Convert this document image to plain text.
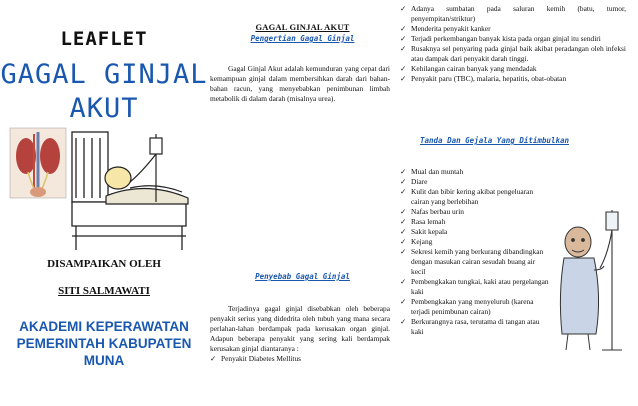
LEAFLET
GAGAL GINJAL
AKUT
DISAMPAIKAN OLEH
SITI SALMAWATI
AKADEMI KEPERAWATAN
PEMERINTAH KABUPATEN
MUNA
GAGAL GINJAL AKUT
Pengertian Gagal Ginjal
Gagal Ginjal Akut adalah kemunduran yang cepat dari kemampuan ginjal dalam membersihkan darah dari bahan-bahan racun, yang menyebabkan penimbunan limbah metabolik di dalam darah (misalnya urea).
Penyebab Gagal Ginjal
Terjadinya gagal ginjal disebabkan oleh beberapa penyakit serius yang didedrita oleh tubuh yang mana secara perlahan-lahan berdampak pada kerusakan organ ginjal. Adapun beberapa penyakit yang sering kali berdampak kerusakan ginjal diantaranya :
✓ Penyakit Diabetes Mellitus
✓ Adanya sumbatan pada saluran kemih (batu, tumor, penyempitan/striktur)
✓ Menderita penyakit kanker
✓ Terjadi perkembangan banyak kista pada organ ginjal itu sendiri
✓ Rusaknya sel penyaring pada ginjal baik akibat peradangan oleh infeksi atau dampak dari penyakit darah tinggi.
✓ Kehilangan cairan banyak yang mendadak
✓ Penyakit paru (TBC), malaria, hepatitis, obat-obatan
Tanda Dan Gejala Yang Ditimbulkan
✓ Mual dan muntah
✓ Diare
✓ Kulit dan bibir kering akibat pengeluaran cairan yang berlebihan
✓ Nafas berbau urin
✓ Rasa lemah
✓ Sakit kepala
✓ Kejang
✓ Sekresi kemih yang berkurang dibandingkan dengan masukan cairan sesudah buang air kecil
✓ Pembengkakan tungkai, kaki atau pergelangan kaki
✓ Pembengkakan yang menyeluruh (karena terjadi penimbunan cairan)
✓ Berkurangnya rasa, terutama di tangan atau kaki
